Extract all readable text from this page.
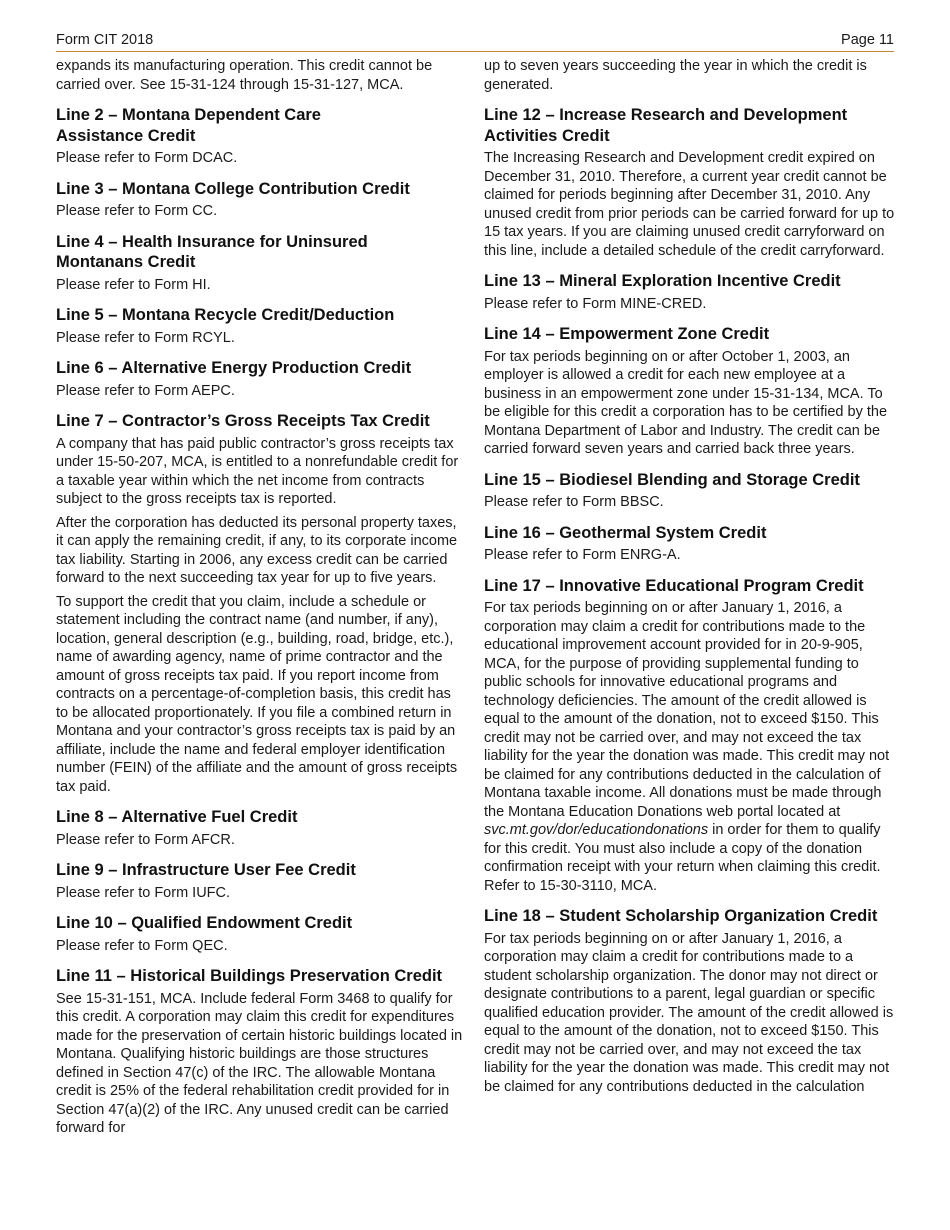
Form CIT 2018	Page 11

expands its manufacturing operation. This credit cannot be carried over. See 15-31-124 through 15-31-127, MCA.

Line 2 – Montana Dependent Care
Assistance Credit

Please refer to Form DCAC.

Line 3 – Montana College Contribution Credit

Please refer to Form CC.

Line 4 – Health Insurance for Uninsured
Montanans Credit

Please refer to Form HI.

Line 5 – Montana Recycle Credit/Deduction

Please refer to Form RCYL.

Line 6 – Alternative Energy Production Credit

Please refer to Form AEPC.

Line 7 – Contractor’s Gross Receipts Tax Credit

A company that has paid public contractor’s gross receipts tax under 15-50-207, MCA, is entitled to a nonrefundable credit for a taxable year within which the net income from contracts subject to the gross receipts tax is reported.

After the corporation has deducted its personal property taxes, it can apply the remaining credit, if any, to its corporate income tax liability. Starting in 2006, any excess credit can be carried forward to the next succeeding tax year for up to five years.

To support the credit that you claim, include a schedule or statement including the contract name (and number, if any), location, general description (e.g., building, road, bridge, etc.), name of awarding agency, name of prime contractor and the amount of gross receipts tax paid. If you report income from contracts on a percentage-of-completion basis, this credit has to be allocated proportionately. If you file a combined return in Montana and your contractor’s gross receipts tax is paid by an affiliate, include the name and federal employer identification number (FEIN) of the affiliate and the amount of gross receipts tax paid.

Line 8 – Alternative Fuel Credit

Please refer to Form AFCR.

Line 9 – Infrastructure User Fee Credit

Please refer to Form IUFC.

Line 10 – Qualified Endowment Credit

Please refer to Form QEC.

Line 11 – Historical Buildings Preservation Credit

See 15-31-151, MCA. Include federal Form 3468 to qualify for this credit. A corporation may claim this credit for expenditures made for the preservation of certain historic buildings located in Montana. Qualifying historic buildings are those structures defined in Section 47(c) of the IRC. The allowable Montana credit is 25% of the federal rehabilitation credit provided for in Section 47(a)(2) of the IRC. Any unused credit can be carried forward for

up to seven years succeeding the year in which the credit is generated.

Line 12 – Increase Research and Development
Activities Credit

The Increasing Research and Development credit expired on December 31, 2010. Therefore, a current year credit cannot be claimed for periods beginning after December 31, 2010. Any unused credit from prior periods can be carried forward for up to 15 tax years. If you are claiming unused credit carryforward on this line, include a detailed schedule of the credit carryforward.

Line 13 – Mineral Exploration Incentive Credit

Please refer to Form MINE-CRED.

Line 14 – Empowerment Zone Credit

For tax periods beginning on or after October 1, 2003, an employer is allowed a credit for each new employee at a business in an empowerment zone under 15-31-134, MCA. To be eligible for this credit a corporation has to be certified by the Montana Department of Labor and Industry. The credit can be carried forward seven years and carried back three years.

Line 15 – Biodiesel Blending and Storage Credit

Please refer to Form BBSC.

Line 16 – Geothermal System Credit

Please refer to Form ENRG-A.

Line 17 – Innovative Educational Program Credit

For tax periods beginning on or after January 1, 2016, a corporation may claim a credit for contributions made to the educational improvement account provided for in 20-9-905, MCA, for the purpose of providing supplemental funding to public schools for innovative educational programs and technology deficiencies. The amount of the credit allowed is equal to the amount of the donation, not to exceed $150. This credit may not be carried over, and may not exceed the tax liability for the year the donation was made. This credit may not be claimed for any contributions deducted in the calculation of Montana taxable income. All donations must be made through the Montana Education Donations web portal located at svc.mt.gov/dor/educationdonations in order for them to qualify for this credit. You must also include a copy of the donation confirmation receipt with your return when claiming this credit. Refer to 15-30-3110, MCA.

Line 18 – Student Scholarship Organization Credit

For tax periods beginning on or after January 1, 2016, a corporation may claim a credit for contributions made to a student scholarship organization. The donor may not direct or designate contributions to a parent, legal guardian or specific qualified education provider. The amount of the credit allowed is equal to the amount of the donation, not to exceed $150. This credit may not be carried over, and may not exceed the tax liability for the year the donation was made. This credit may not be claimed for any contributions deducted in the calculation
